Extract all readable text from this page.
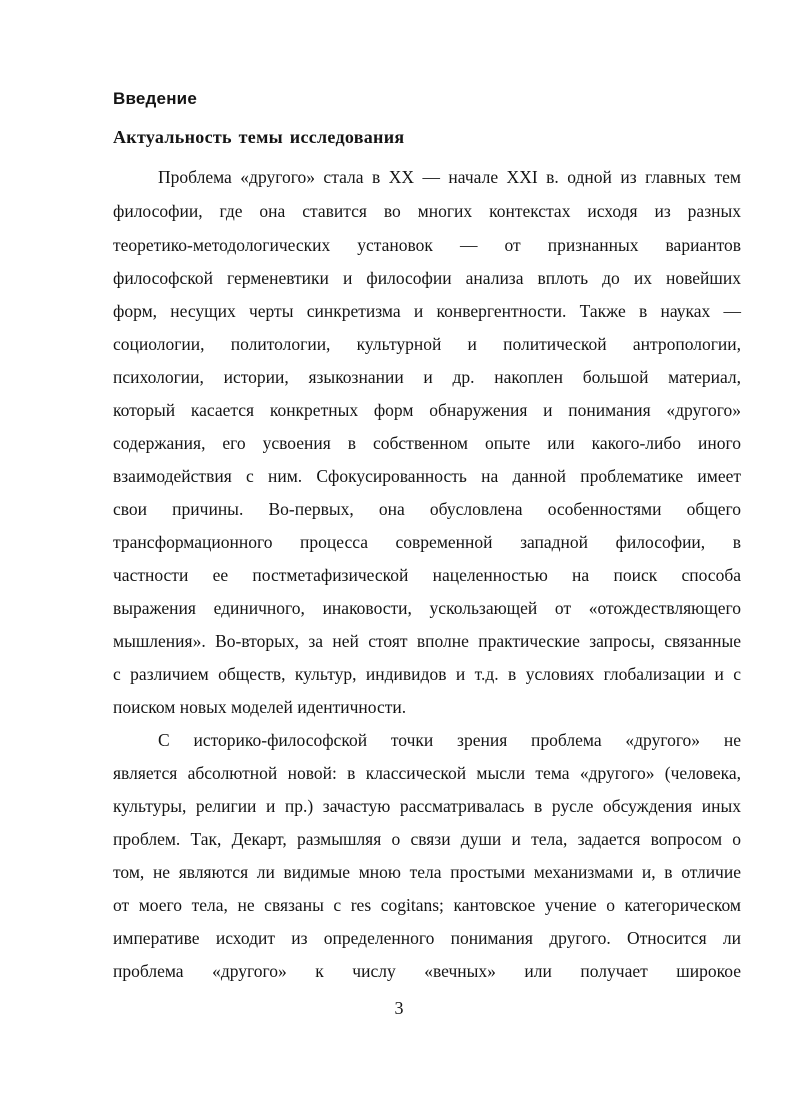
Введение
Актуальность темы исследования
Проблема «другого» стала в XX — начале XXI в. одной из главных тем
философии, где она ставится во многих контекстах исходя из разных
теоретико-методологических установок — от признанных вариантов
философской герменевтики и философии анализа вплоть до их новейших
форм, несущих черты синкретизма и конвергентности. Также в науках —
социологии, политологии, культурной и политической антропологии,
психологии, истории, языкознании и др. накоплен большой материал,
который касается конкретных форм обнаружения и понимания «другого»
содержания, его усвоения в собственном опыте или какого-либо иного
взаимодействия с ним. Сфокусированность на данной проблематике имеет
свои причины. Во-первых, она обусловлена особенностями общего
трансформационного процесса современной западной философии, в
частности ее постметафизической нацеленностью на поиск способа
выражения единичного, инаковости, ускользающей от «отождествляющего
мышления». Во-вторых, за ней стоят вполне практические запросы, связанные
с различием обществ, культур, индивидов и т.д. в условиях глобализации и с
поиском новых моделей идентичности.
С историко-философской точки зрения проблема «другого» не
является абсолютной новой: в классической мысли тема «другого» (человека,
культуры, религии и пр.) зачастую рассматривалась в русле обсуждения иных
проблем. Так, Декарт, размышляя о связи души и тела, задается вопросом о
том, не являются ли видимые мною тела простыми механизмами и, в отличие
от моего тела, не связаны с res cogitans; кантовское учение о категорическом
императиве исходит из определенного понимания другого. Относится ли
проблема «другого» к числу «вечных» или получает широкое
3
